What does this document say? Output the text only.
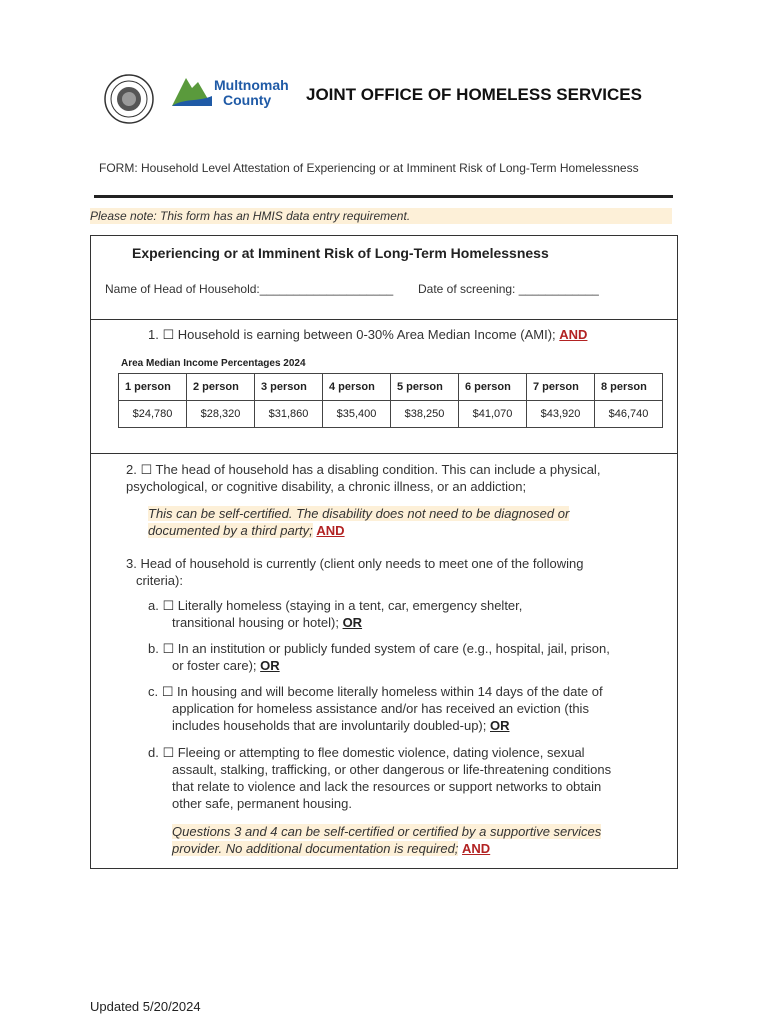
Multnomah
County	JOINT OFFICE OF HOMELESS SERVICES
FORM: Household Level Attestation of Experiencing or at Imminent Risk of Long-Term Homelessness
Please note: This form has an HMIS data entry requirement.
Experiencing or at Imminent Risk of Long-Term Homelessness
Name of Head of Household:____________________ Date of screening: ____________
1. ☐ Household is earning between 0-30% Area Median Income (AMI); AND
Area Median Income Percentages 2024
1 person	2 person	3 person	4 person	5 person	6 person	7 person	8 person
$24,780	$28,320	$31,860	$35,400	$38,250	$41,070	$43,920	$46,740
2. ☐ The head of household has a disabling condition. This can include a physical,
psychological, or cognitive disability, a chronic illness, or an addiction;
This can be self-certified. The disability does not need to be diagnosed or
documented by a third party; AND
3. Head of household is currently (client only needs to meet one of the following
criteria):
a. ☐ Literally homeless (staying in a tent, car, emergency shelter,
transitional housing or hotel); OR
b. ☐ In an institution or publicly funded system of care (e.g., hospital, jail, prison,
or foster care); OR
c. ☐ In housing and will become literally homeless within 14 days of the date of
application for homeless assistance and/or has received an eviction (this
includes households that are involuntarily doubled-up); OR
d. ☐ Fleeing or attempting to flee domestic violence, dating violence, sexual
assault, stalking, trafficking, or other dangerous or life-threatening conditions
that relate to violence and lack the resources or support networks to obtain
other safe, permanent housing.
Questions 3 and 4 can be self-certified or certified by a supportive services
provider. No additional documentation is required; AND
Updated 5/20/2024
